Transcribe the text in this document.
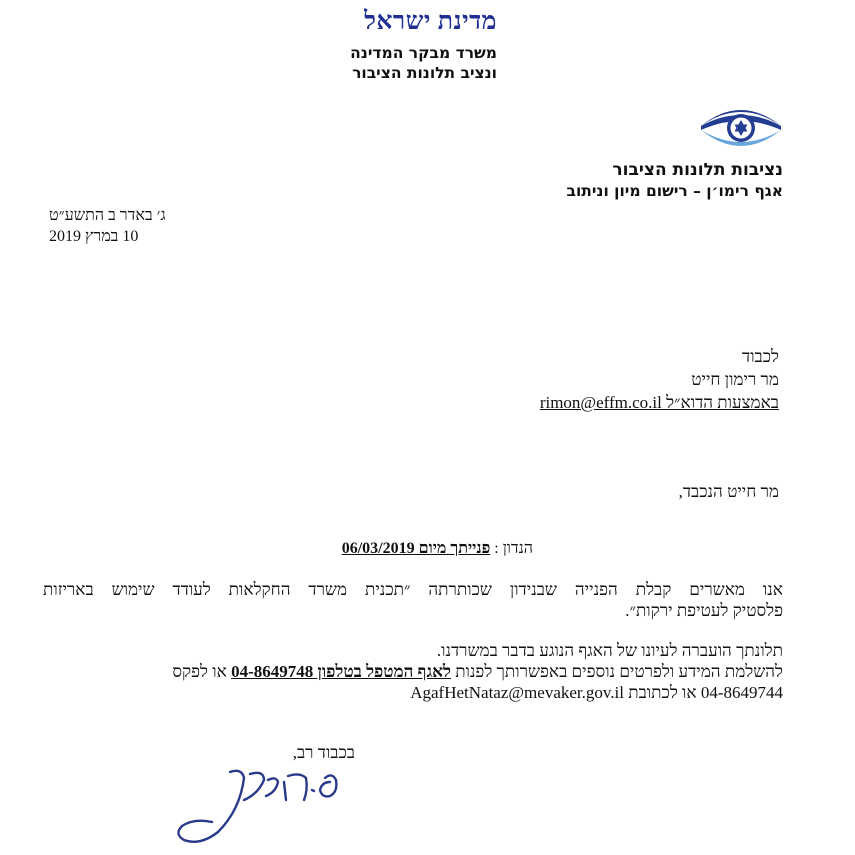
מדינת ישראל
משרד מבקר המדינה
ונציב תלונות הציבור
נציבות תלונות הציבור
אגף רימו׳ן – רישום מיון וניתוב
ג׳ באדר ב התשע״ט
10 במרץ 2019
לכבוד
מר רימון חייט
באמצעות הדוא״ל rimon@effm.co.il
מר חייט הנכבד,
הנדון : פנייתך מיום 06/03/2019
אנו מאשרים קבלת הפנייה שבנידון שכותרתה ״תכנית משרד החקלאות לעודד שימוש באריזות
פלסטיק לעטיפת ירקות״.
תלונתך הועברה לעיונו של האגף הנוגע בדבר במשרדנו.
להשלמת המידע ולפרטים נוספים באפשרותך לפנות לאגף המטפל בטלפון 04-8649748 או לפקס
04-8649744 או לכתובת AgafHetNataz@mevaker.gov.il
בכבוד רב,
